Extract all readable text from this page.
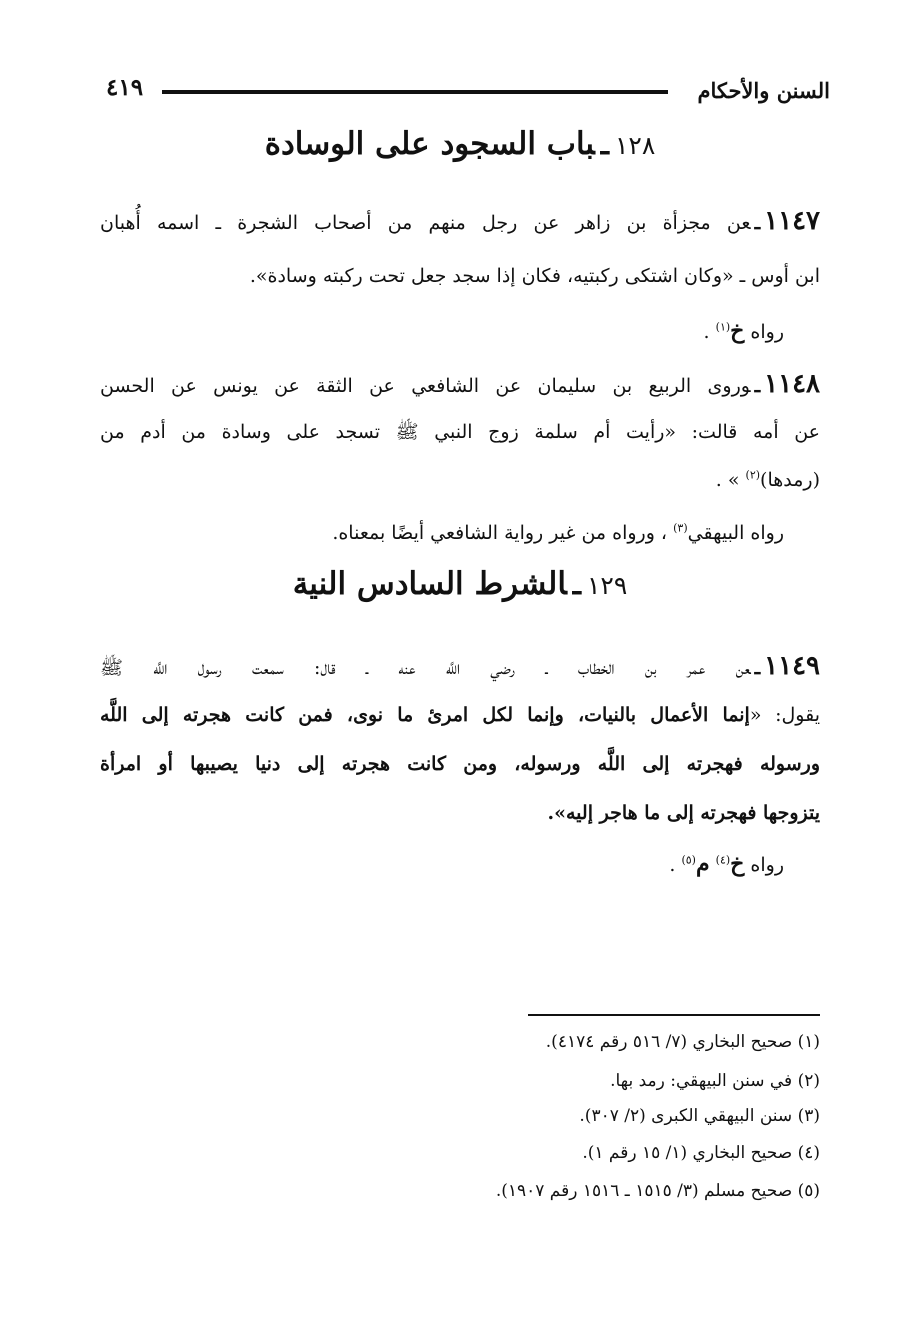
السنن والأحكام
٤١٩
١٢٨ـباب السجود على الوسادة
١١٤٧ـعن مجزأة بن زاهر عن رجل منهم من أصحاب الشجرة ـ اسمه أُهبان
ابن أوس ـ «وكان اشتكى ركبتيه، فكان إذا سجد جعل تحت ركبته وسادة».
رواه خ$^{(١)}$ .
١١٤٨ـوروى الربيع بن سليمان عن الشافعي عن الثقة عن يونس عن الحسن
عن أمه قالت: «رأيت أم سلمة زوج النبي ﷺ تسجد على وسادة من أدم من
(رمدها)$^{(٢)}$ » .
رواه البيهقي$^{(٣)}$ ، ورواه من غير رواية الشافعي أيضًا بمعناه.
١٢٩ـالشرط السادس النية
١١٤٩ـعن عمر بن الخطاب ـ رضي اللَّه عنه ـ قال: سمعت رسول اللَّه ﷺ
يقول: «إنما الأعمال بالنيات، وإنما لكل امرئ ما نوى، فمن كانت هجرته إلى اللَّه
ورسوله فهجرته إلى اللَّه ورسوله، ومن كانت هجرته إلى دنيا يصيبها أو امرأة
يتزوجها فهجرته إلى ما هاجر إليه».
رواه خ$^{(٤)}$ م$^{(٥)}$ .
(١) صحيح البخاري (٧/ ٥١٦ رقم ٤١٧٤).
(٢) في سنن البيهقي: رمد بها.
(٣) سنن البيهقي الكبرى (٢/ ٣٠٧).
(٤) صحيح البخاري (١/ ١٥ رقم ١).
(٥) صحيح مسلم (٣/ ١٥١٥ ـ ١٥١٦ رقم ١٩٠٧).
